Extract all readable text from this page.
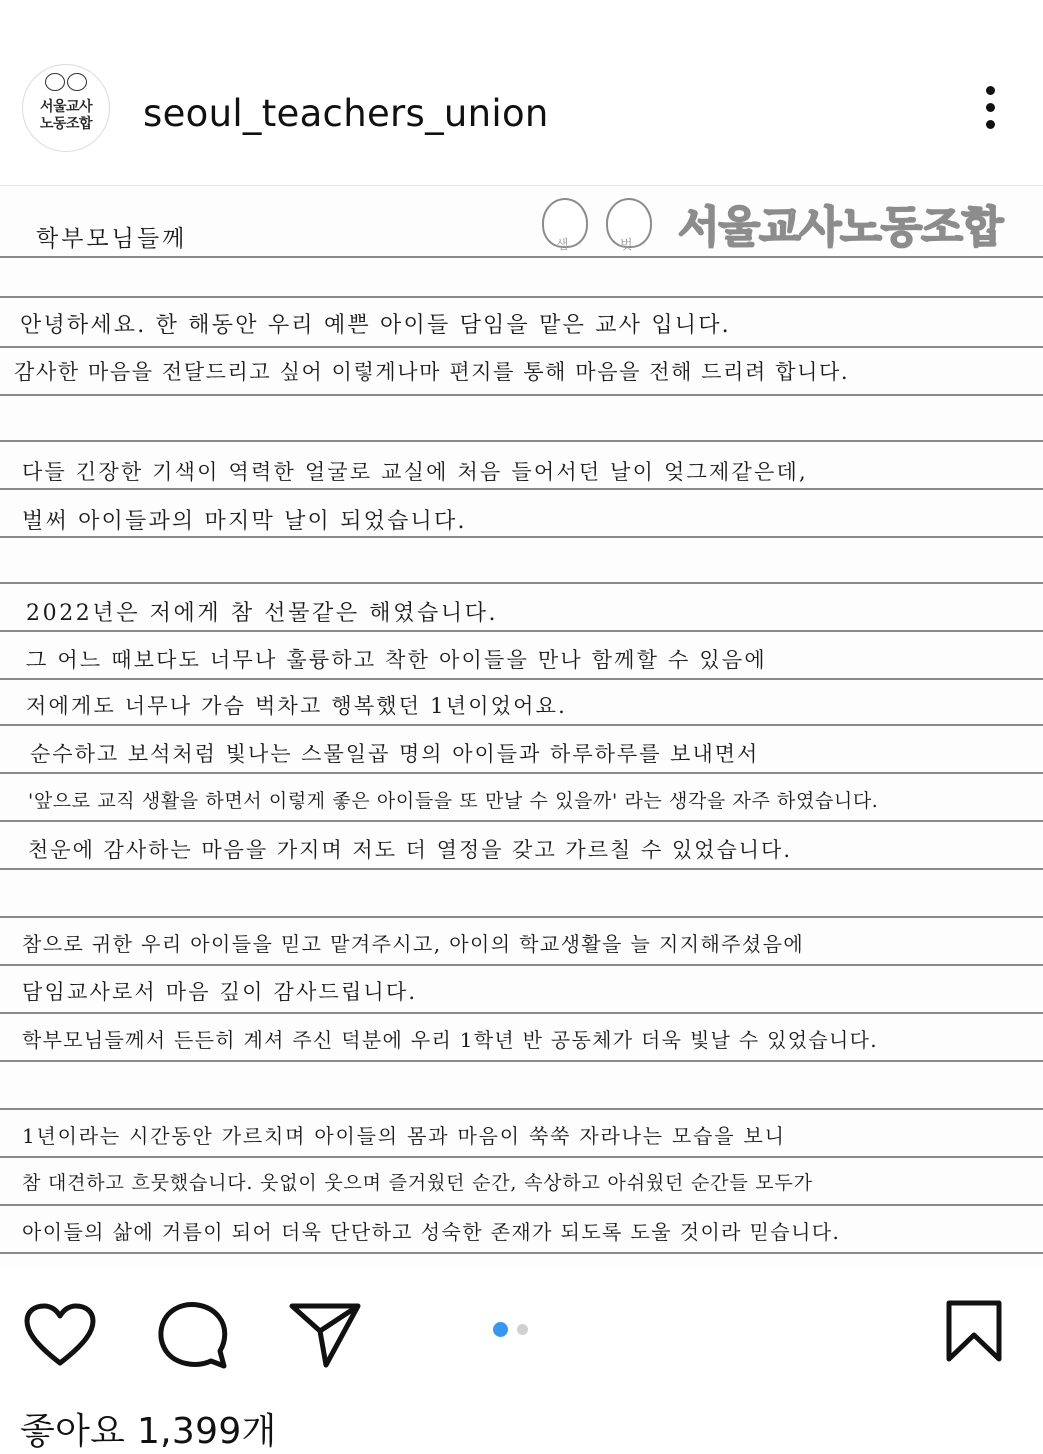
서울교사
노동조합	seoul_teachers_union
샘	벗 서울교사노동조합
학부모님들께
안녕하세요. 한 해동안 우리 예쁜 아이들 담임을 맡은 교사 입니다.
감사한 마음을 전달드리고 싶어 이렇게나마 편지를 통해 마음을 전해 드리려 합니다.
다들 긴장한 기색이 역력한 얼굴로 교실에 처음 들어서던 날이 엊그제같은데,
벌써 아이들과의 마지막 날이 되었습니다.
2022년은 저에게 참 선물같은 해였습니다.
그 어느 때보다도 너무나 훌륭하고 착한 아이들을 만나 함께할 수 있음에
저에게도 너무나 가슴 벅차고 행복했던 1년이었어요.
순수하고 보석처럼 빛나는 스물일곱 명의 아이들과 하루하루를 보내면서
'앞으로 교직 생활을 하면서 이렇게 좋은 아이들을 또 만날 수 있을까' 라는 생각을 자주 하였습니다.
천운에 감사하는 마음을 가지며 저도 더 열정을 갖고 가르칠 수 있었습니다.
참으로 귀한 우리 아이들을 믿고 맡겨주시고, 아이의 학교생활을 늘 지지해주셨음에
담임교사로서 마음 깊이 감사드립니다.
학부모님들께서 든든히 계셔 주신 덕분에 우리 1학년 반 공동체가 더욱 빛날 수 있었습니다.
1년이라는 시간동안 가르치며 아이들의 몸과 마음이 쑥쑥 자라나는 모습을 보니
참 대견하고 흐뭇했습니다. 웃없이 웃으며 즐거웠던 순간, 속상하고 아쉬웠던 순간들 모두가
아이들의 삶에 거름이 되어 더욱 단단하고 성숙한 존재가 되도록 도울 것이라 믿습니다.
좋아요 1,399개
